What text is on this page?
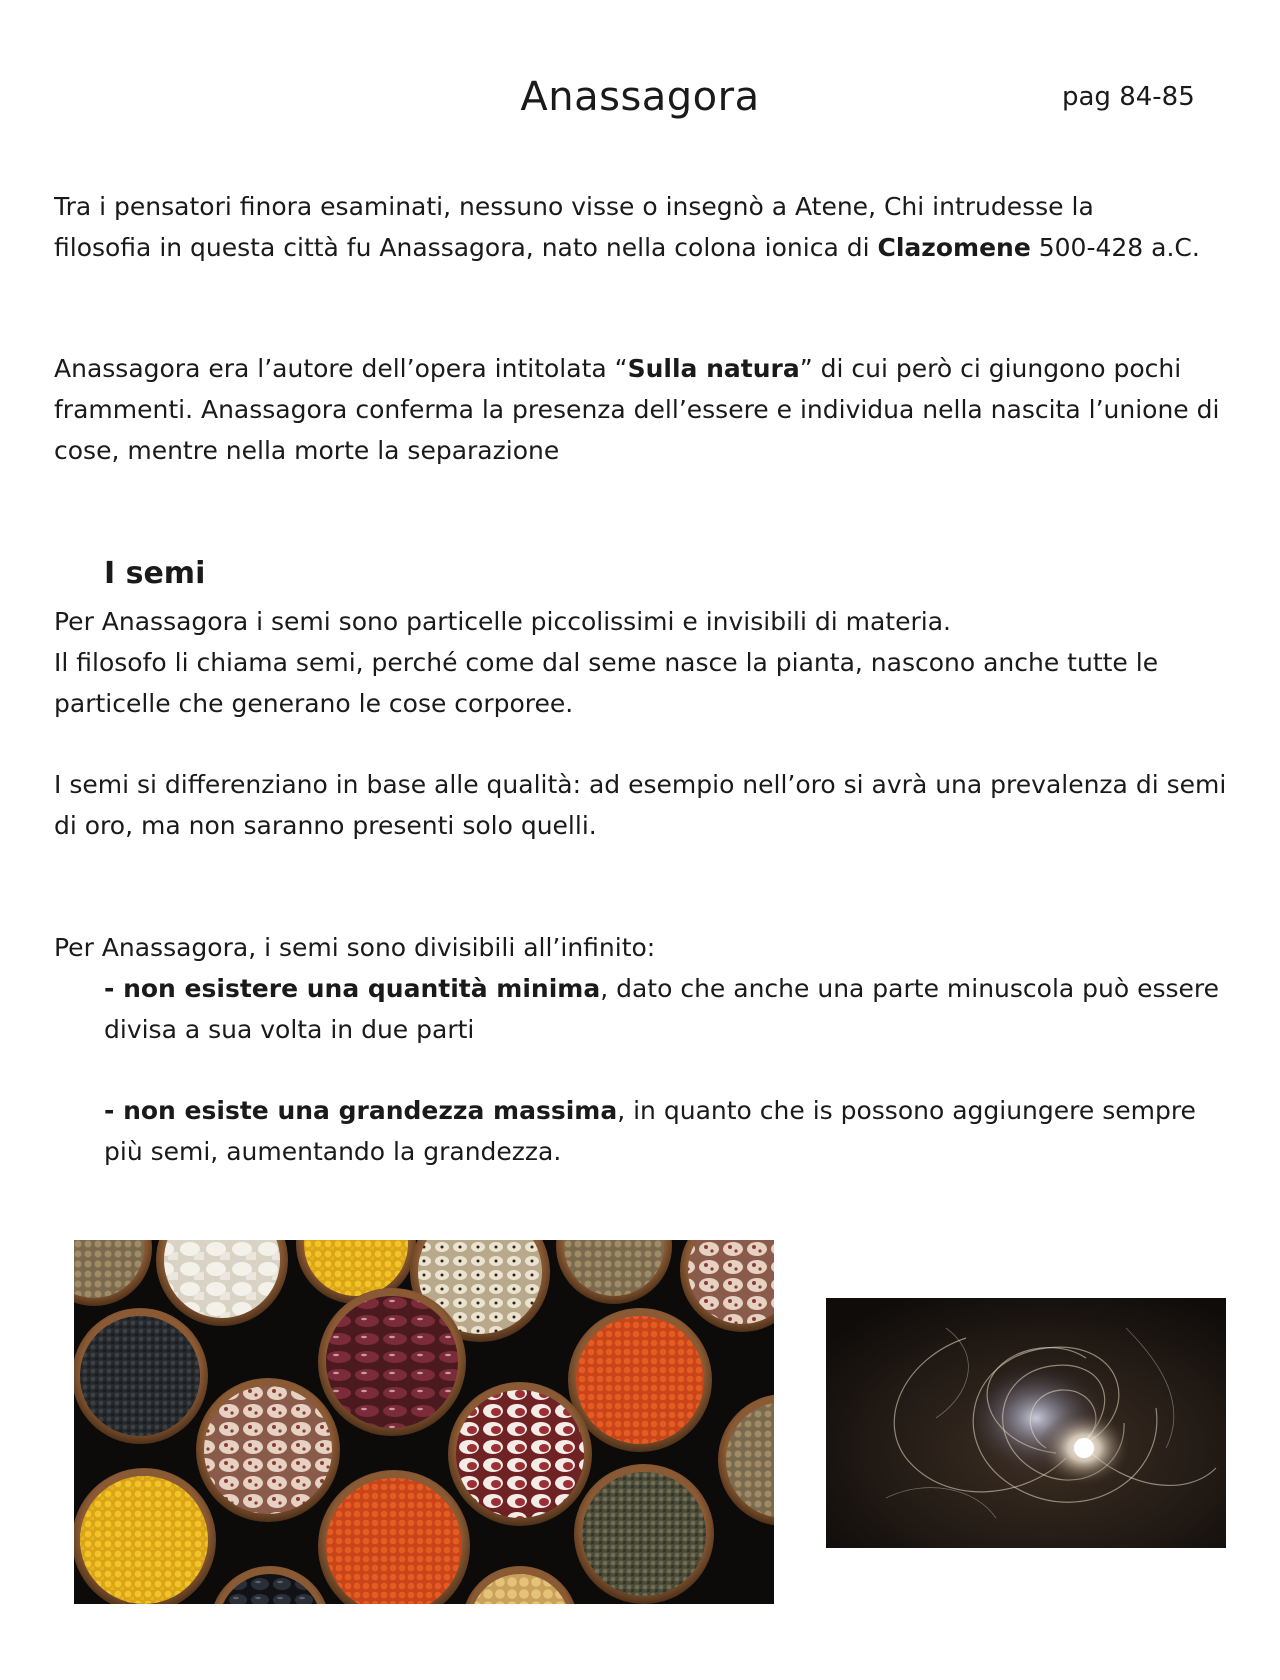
Anassagora	pag 84-85

Tra i pensatori finora esaminati, nessuno visse o insegnò a Atene, Chi intrudesse la
filosofia in questa città fu Anassagora, nato nella colona ionica di Clazomene 500-428 a.C.

Anassagora era l’autore dell’opera intitolata “Sulla natura” di cui però ci giungono pochi frammenti. Anassagora conferma la presenza dell’essere e individua nella nascita l’unione di cose, mentre nella morte la separazione

I semi

Per Anassagora i semi sono particelle piccolissimi e invisibili di materia.
Il filosofo li chiama semi, perché come dal seme nasce la pianta, nascono anche tutte le particelle che generano le cose corporee.

I semi si differenziano in base alle qualità: ad esempio nell’oro si avrà una prevalenza di semi di oro, ma non saranno presenti solo quelli.

Per Anassagora, i semi sono divisibili all’infinito:

- non esistere una quantità minima, dato che anche una parte minuscola può essere divisa a sua volta in due parti

- non esiste una grandezza massima, in quanto che is possono aggiungere sempre più semi, aumentando la grandezza.
